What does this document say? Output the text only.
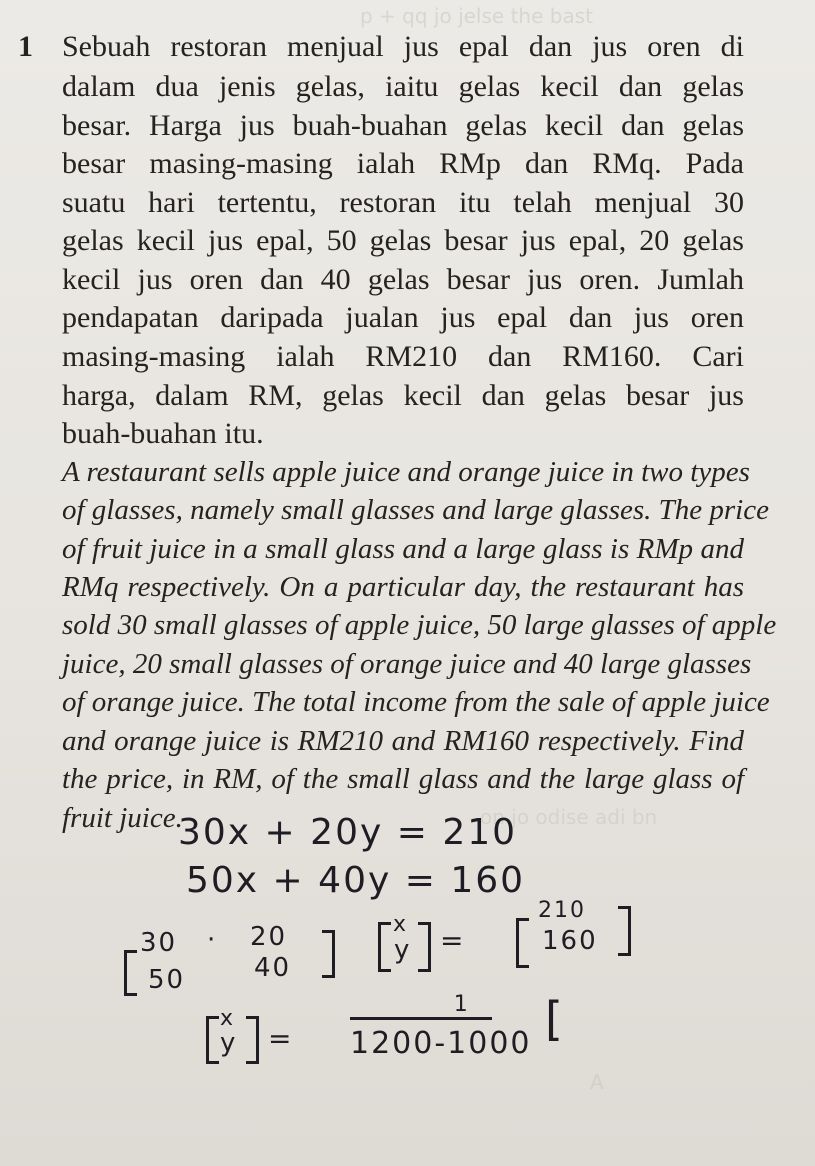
p + qq jo jelse the bast
on jo odise adi bn
A
1 Sebuah restoran menjual jus epal dan jus oren di
dalam dua jenis gelas, iaitu gelas kecil dan gelas
besar. Harga jus buah-buahan gelas kecil dan gelas
besar masing-masing ialah RMp dan RMq. Pada
suatu hari tertentu, restoran itu telah menjual 30
gelas kecil jus epal, 50 gelas besar jus epal, 20 gelas
kecil jus oren dan 40 gelas besar jus oren. Jumlah
pendapatan daripada jualan jus epal dan jus oren
masing-masing ialah RM210 dan RM160. Cari
harga, dalam RM, gelas kecil dan gelas besar jus
buah-buahan itu.
A restaurant sells apple juice and orange juice in two types
of glasses, namely small glasses and large glasses. The price
of fruit juice in a small glass and a large glass is RMp and
RMq respectively. On a particular day, the restaurant has
sold 30 small glasses of apple juice, 50 large glasses of apple
juice, 20 small glasses of orange juice and 40 large glasses
of orange juice. The total income from the sale of apple juice
and orange juice is RM210 and RM160 respectively. Find
the price, in RM, of the small glass and the large glass of
fruit juice.
30x + 20y = 210
50x + 40y = 160
30 · 20
50	40
x
y =
210
160
1
1200-1000
x
y =	[
